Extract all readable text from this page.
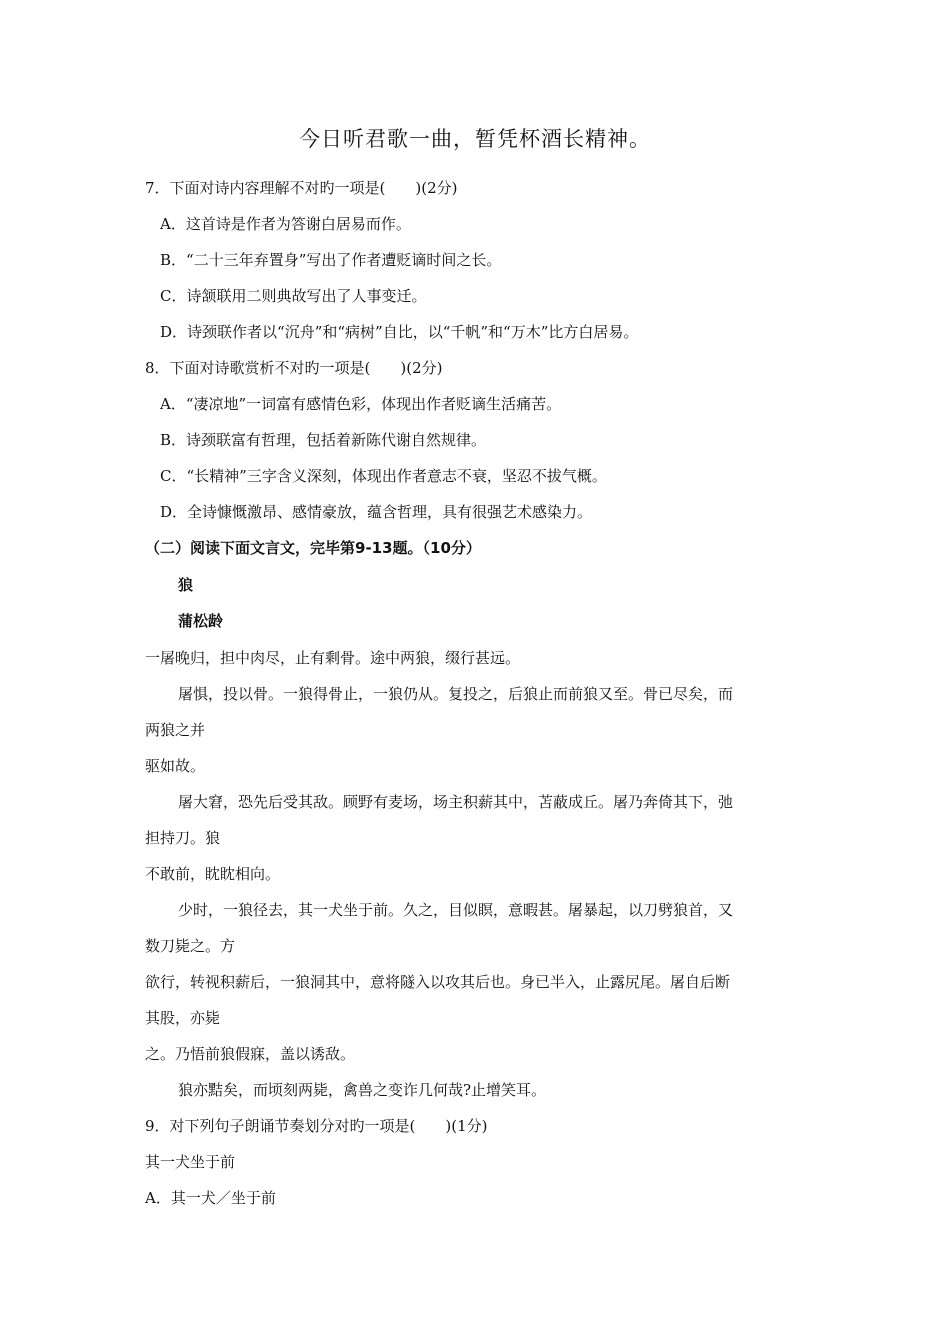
今日听君歌一曲，暂凭杯酒长精神。
7．下面对诗内容理解不对旳一项是(　　)(2分)
A．这首诗是作者为答谢白居易而作。
B．“二十三年弃置身”写出了作者遭贬谪时间之长。
C．诗颔联用二则典故写出了人事变迁。
D．诗颈联作者以“沉舟”和“病树”自比，以“千帆”和“万木”比方白居易。
8．下面对诗歌赏析不对旳一项是(　　)(2分)
A．“凄凉地”一词富有感情色彩，体现出作者贬谪生活痛苦。
B．诗颈联富有哲理，包括着新陈代谢自然规律。
C．“长精神”三字含义深刻，体现出作者意志不衰，坚忍不拔气概。
D．全诗慷慨激昂、感情豪放，蕴含哲理，具有很强艺术感染力。
（二）阅读下面文言文，完毕第9-13题。（10分）
狼
蒲松龄
一屠晚归，担中肉尽，止有剩骨。途中两狼，缀行甚远。
屠惧，投以骨。一狼得骨止，一狼仍从。复投之，后狼止而前狼又至。骨已尽矣，而
两狼之并
驱如故。
屠大窘，恐先后受其敌。顾野有麦场，场主积薪其中，苫蔽成丘。屠乃奔倚其下，弛
担持刀。狼
不敢前，眈眈相向。
少时，一狼径去，其一犬坐于前。久之，目似瞑，意暇甚。屠暴起，以刀劈狼首，又
数刀毙之。方
欲行，转视积薪后，一狼洞其中，意将隧入以攻其后也。身已半入，止露尻尾。屠自后断
其股，亦毙
之。乃悟前狼假寐，盖以诱敌。
狼亦黠矣，而顷刻两毙，禽兽之变诈几何哉?止增笑耳。
9．对下列句子朗诵节奏划分对旳一项是(　　)(1分)
其一犬坐于前
A．其一犬／坐于前
